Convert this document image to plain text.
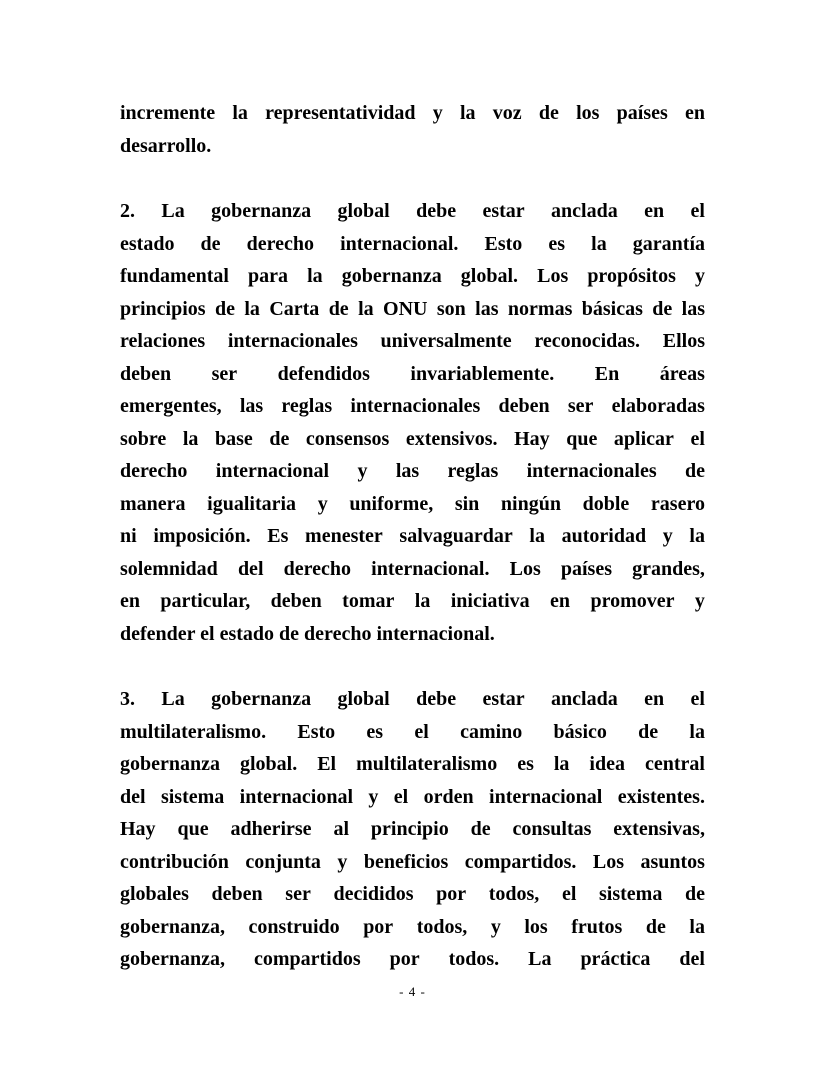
incremente la representatividad y la voz de los países en
desarrollo.
2. La gobernanza global debe estar anclada en el
estado de derecho internacional. Esto es la garantía
fundamental para la gobernanza global. Los propósitos y
principios de la Carta de la ONU son las normas básicas de las
relaciones internacionales universalmente reconocidas. Ellos
deben ser defendidos invariablemente. En áreas
emergentes, las reglas internacionales deben ser elaboradas
sobre la base de consensos extensivos. Hay que aplicar el
derecho internacional y las reglas internacionales de
manera igualitaria y uniforme, sin ningún doble rasero
ni imposición. Es menester salvaguardar la autoridad y la
solemnidad del derecho internacional. Los países grandes,
en particular, deben tomar la iniciativa en promover y
defender el estado de derecho internacional.
3. La gobernanza global debe estar anclada en el
multilateralismo. Esto es el camino básico de la
gobernanza global. El multilateralismo es la idea central
del sistema internacional y el orden internacional existentes.
Hay que adherirse al principio de consultas extensivas,
contribución conjunta y beneficios compartidos. Los asuntos
globales deben ser decididos por todos, el sistema de
gobernanza, construido por todos, y los frutos de la
gobernanza, compartidos por todos. La práctica del
- 4 -
